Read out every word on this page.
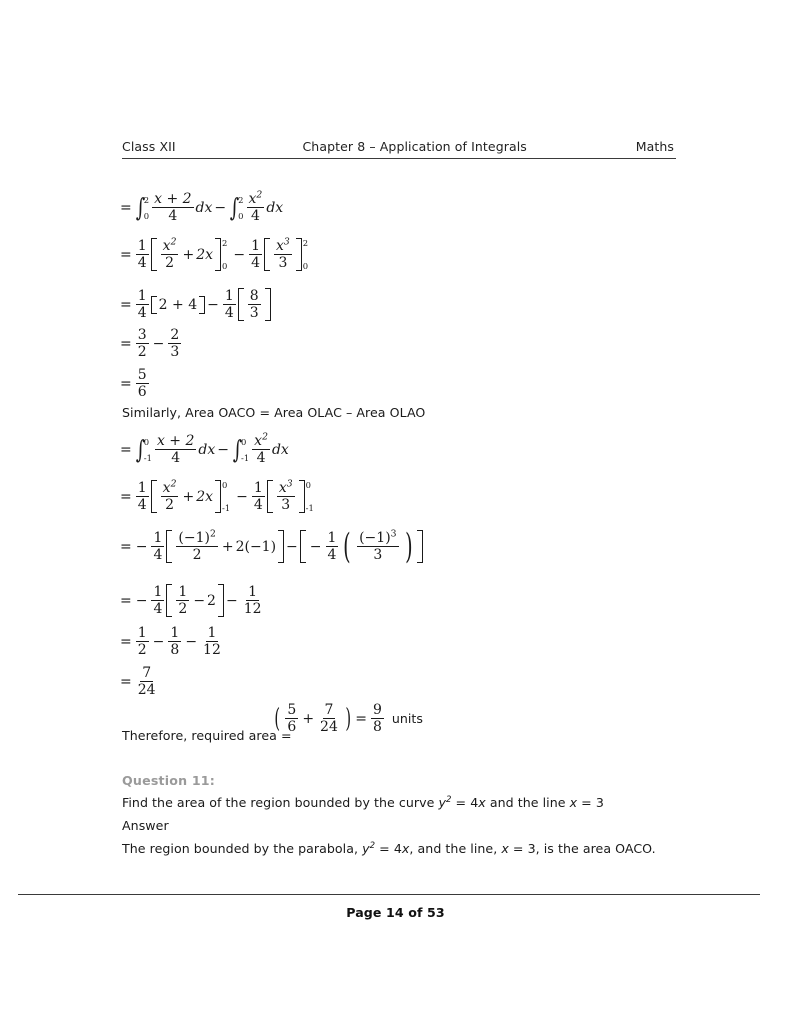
Class XII	Chapter 8 – Application of Integrals	Maths
= ∫
2
$0 \frac{x + 2}{4}$ dx − ∫
2
$0 \frac{x^2}{4}$ dx
= $\frac{1}{4} \frac{x^2}{2} + 2x$
2
0
− $\frac{1}{4} \frac{x^3}{3} 2$
0
= $\frac{1}{4} 2 + 4 - \frac{1}{4} \frac{8}{3}$
= $\frac{3}{2} - \frac{2}{3}$
= $\frac{5}{6}$
Similarly, Area OACO = Area OLAC – Area OLAO
= ∫
0
$-1 \frac{x + 2}{4}$ dx − ∫
0
$-1 \frac{x^2}{4}$ dx
= $\frac{1}{4} \frac{x^2}{2} + 2x$
0
-1
− $\frac{1}{4} \frac{x^3}{3} 0$
-1
= − $\frac{1}{4} \frac{(-1)^2}{2} + 2(-1)$ − − $\frac{1}{4}$ ( $\frac{(-1)^3}{3}$ )
= − $\frac{1}{4} \frac{1}{2} - 2 - \frac{1}{12}$
= $\frac{1}{2} - \frac{1}{8} - \frac{1}{12}$
= $\frac{7}{24}$
Therefore, required area =
( $\frac{5}{6} + \frac{7}{24}$ ) = $\frac{9}{8}$ units
Question 11:
Find the area of the region bounded by the curve $y^2 = 4x$ and the line x = 3
Answer
The region bounded by the parabola, $y^2 = 4x$, and the line, x = 3, is the area OACO.
Page 14 of 53
